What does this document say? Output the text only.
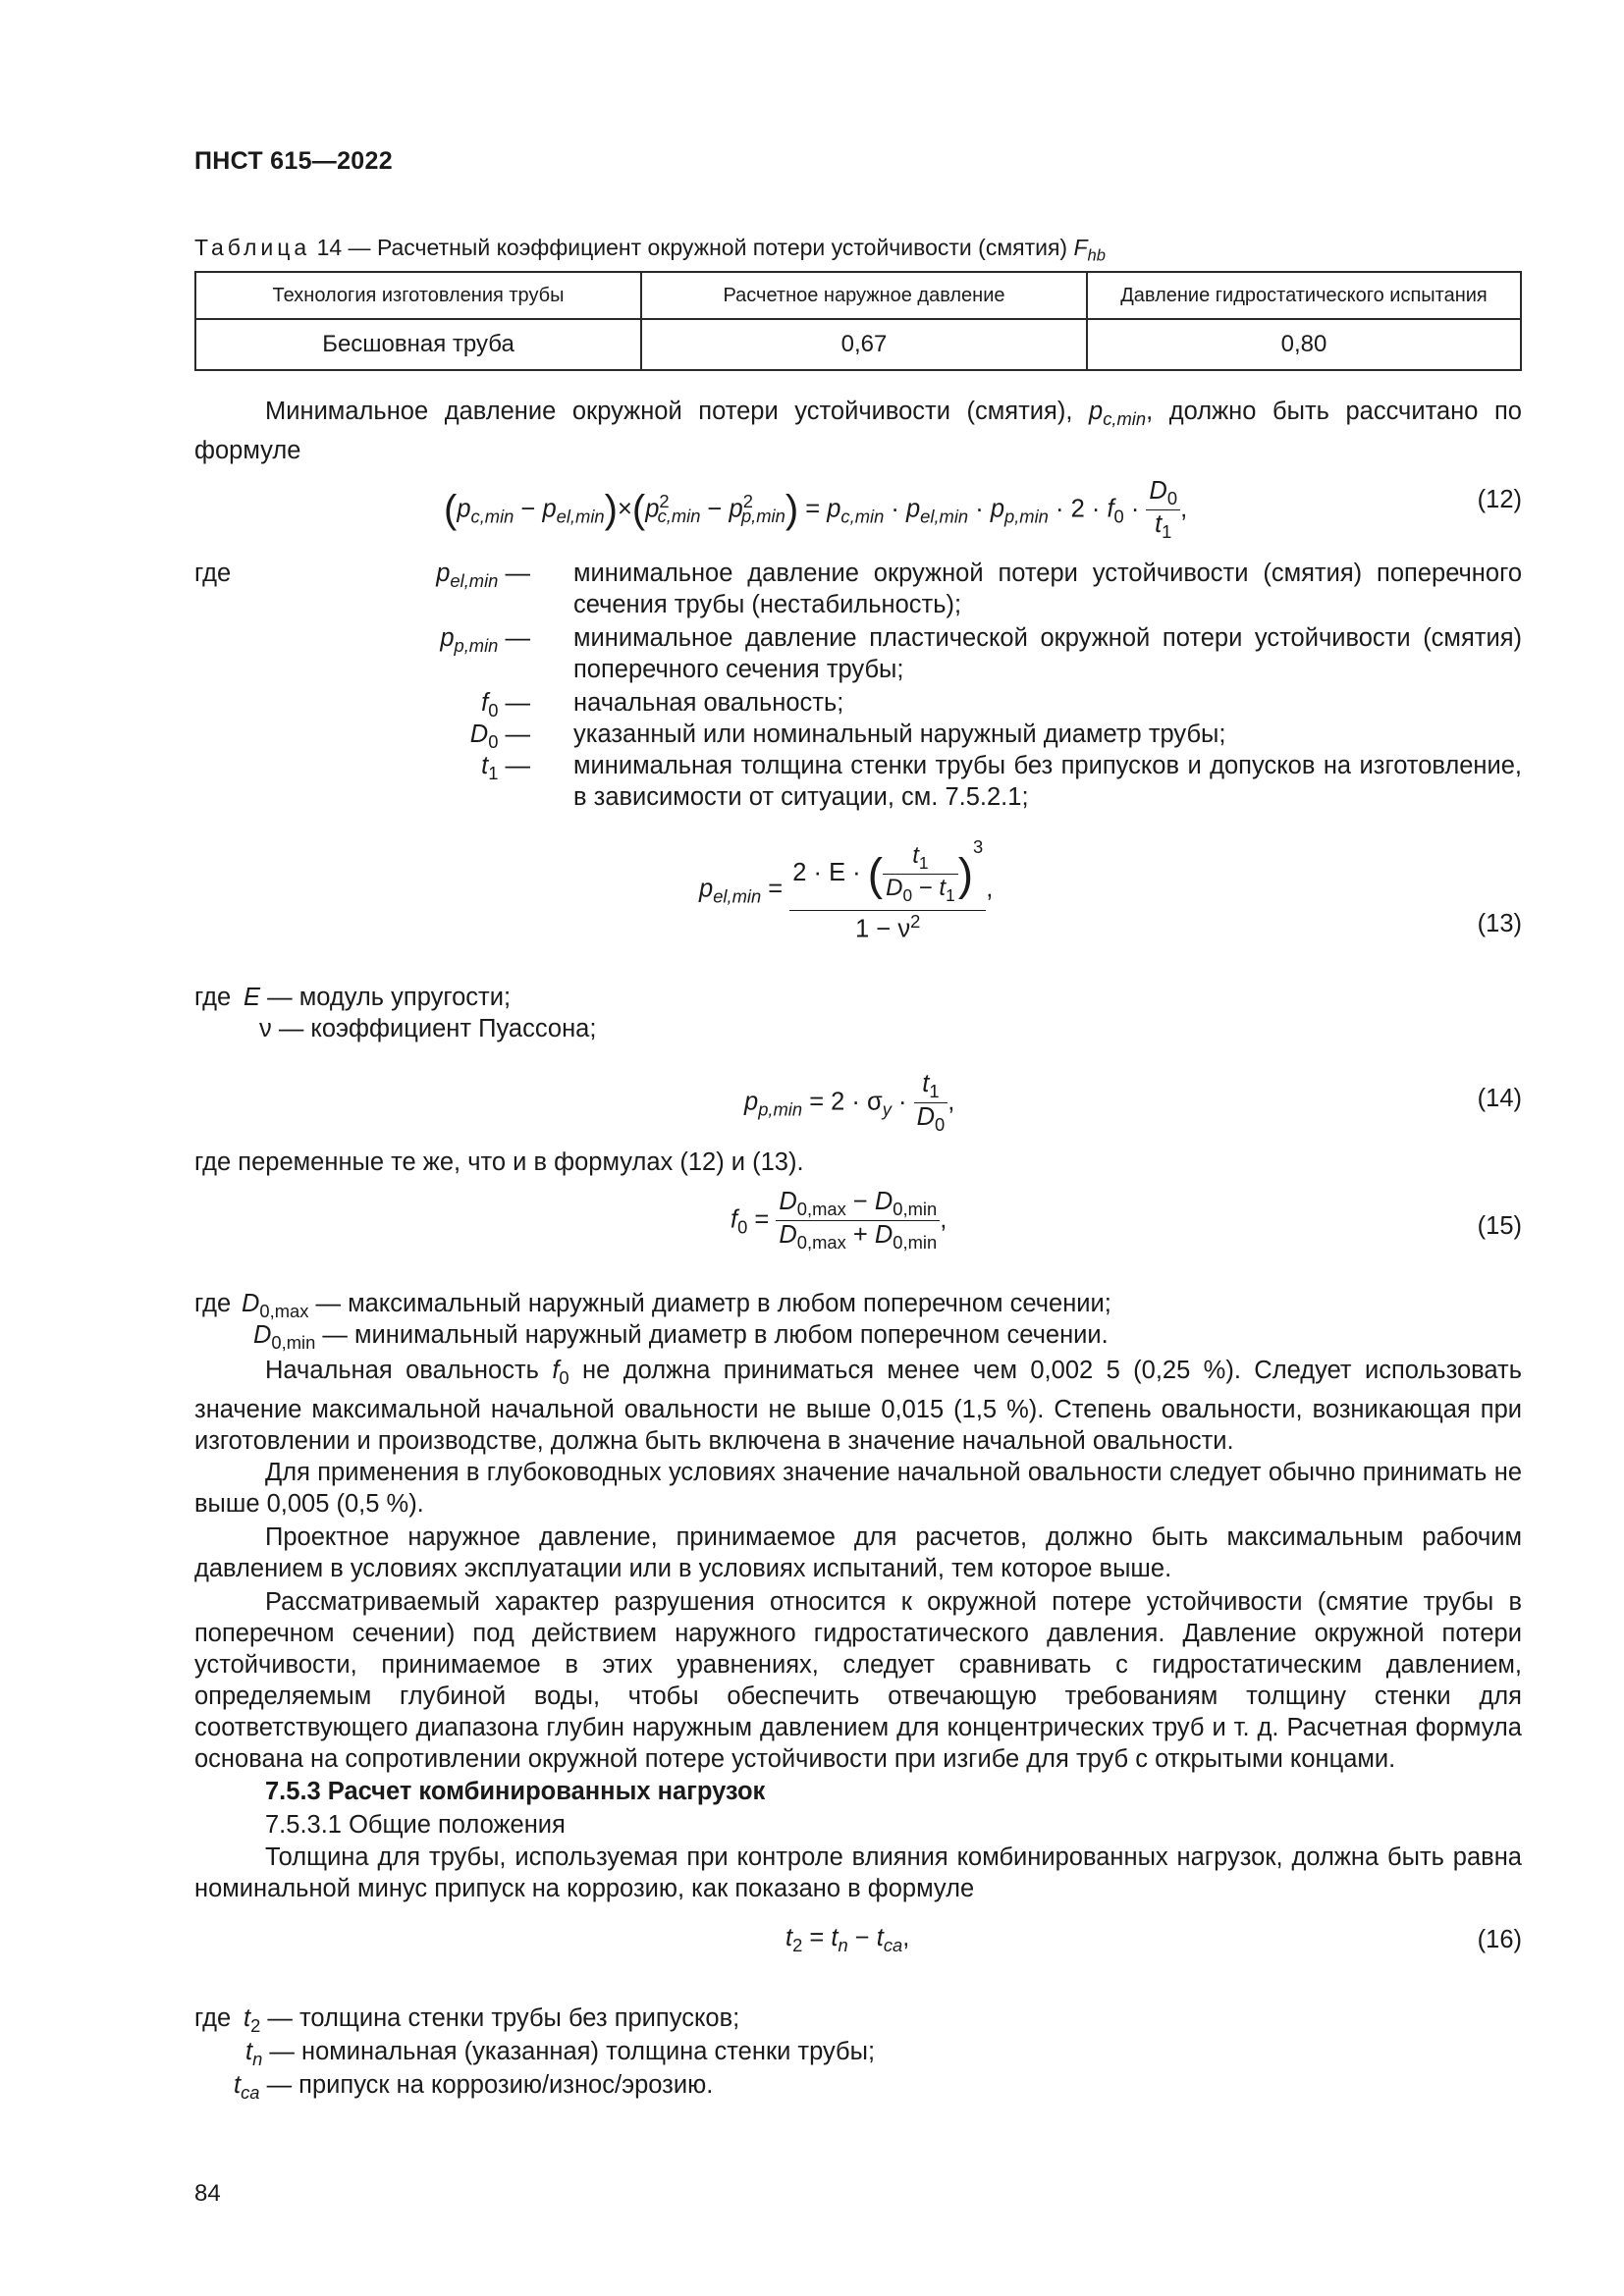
ПНСТ 615—2022
Таблица 14 — Расчетный коэффициент окружной потери устойчивости (смятия) $F_{hb}$
Технология изготовления трубы	Расчетное наружное давление	Давление гидростатического испытания
Бесшовная труба	0,67	0,80
Минимальное давление окружной потери устойчивости (смятия), $p_{c,min}$, должно быть рассчитано по формуле
$(p_{c,min} - p_{el,min})\times(p^2_{c,min} - p^2_{p,min}) = p_{c,min} \cdot p_{el,min} \cdot p_{p,min} \cdot 2 \cdot f_0 \cdot \frac{D_0}{t_1}$ ,	(12)
где	$p_{el,min}$ — минимальное давление окружной потери устойчивости (смятия) поперечного сечения трубы (нестабильность);
$p_{p,min}$ — минимальное давление пластической окружной потери устойчивости (смятия) поперечного сечения трубы;
$f_0$ — начальная овальность;
$D_0$ — указанный или номинальный наружный диаметр трубы;
$t_1$ — минимальная толщина стенки трубы без припусков и допусков на изготовление, в зависимости от ситуации, см. 7.5.2.1;
$p_{el,min} = \frac{2 \cdot E \cdot ( \frac{t_1}{D_0 - t_1} )^3}{1 - \nu^2}$ ,
(13)
где E — модуль упругости;
ν — коэффициент Пуассона;
$p_{p,min} = 2 \cdot \sigma_y \cdot \frac{t_1}{D_0}$ ,	(14)
где переменные те же, что и в формулах (12) и (13).
$f_0 = \frac{D_{0,max} - D_{0,min}}{D_{0,max} + D_{0,min}}$ ,	(15)
где $D_{0,max}$ — максимальный наружный диаметр в любом поперечном сечении;
$D_{0,min}$ — минимальный наружный диаметр в любом поперечном сечении.
Начальная овальность $f_0$ не должна приниматься менее чем 0,002 5 (0,25 %). Следует использовать значение максимальной начальной овальности не выше 0,015 (1,5 %). Степень овальности, возникающая при изготовлении и производстве, должна быть включена в значение начальной овальности.
Для применения в глубоководных условиях значение начальной овальности следует обычно принимать не выше 0,005 (0,5 %).
Проектное наружное давление, принимаемое для расчетов, должно быть максимальным рабочим давлением в условиях эксплуатации или в условиях испытаний, тем которое выше.
Рассматриваемый характер разрушения относится к окружной потере устойчивости (смятие трубы в поперечном сечении) под действием наружного гидростатического давления. Давление окружной потери устойчивости, принимаемое в этих уравнениях, следует сравнивать с гидростатическим давлением, определяемым глубиной воды, чтобы обеспечить отвечающую требованиям толщину стенки для соответствующего диапазона глубин наружным давлением для концентрических труб и т. д. Расчетная формула основана на сопротивлении окружной потере устойчивости при изгибе для труб с открытыми концами.
7.5.3 Расчет комбинированных нагрузок
7.5.3.1 Общие положения
Толщина для трубы, используемая при контроле влияния комбинированных нагрузок, должна быть равна номинальной минус припуск на коррозию, как показано в формуле
$t_2 = t_n - t_{ca}$,	(16)
где $t_2$ — толщина стенки трубы без припусков;
$t_n$ — номинальная (указанная) толщина стенки трубы;
$t_{ca}$ — припуск на коррозию/износ/эрозию.
84
